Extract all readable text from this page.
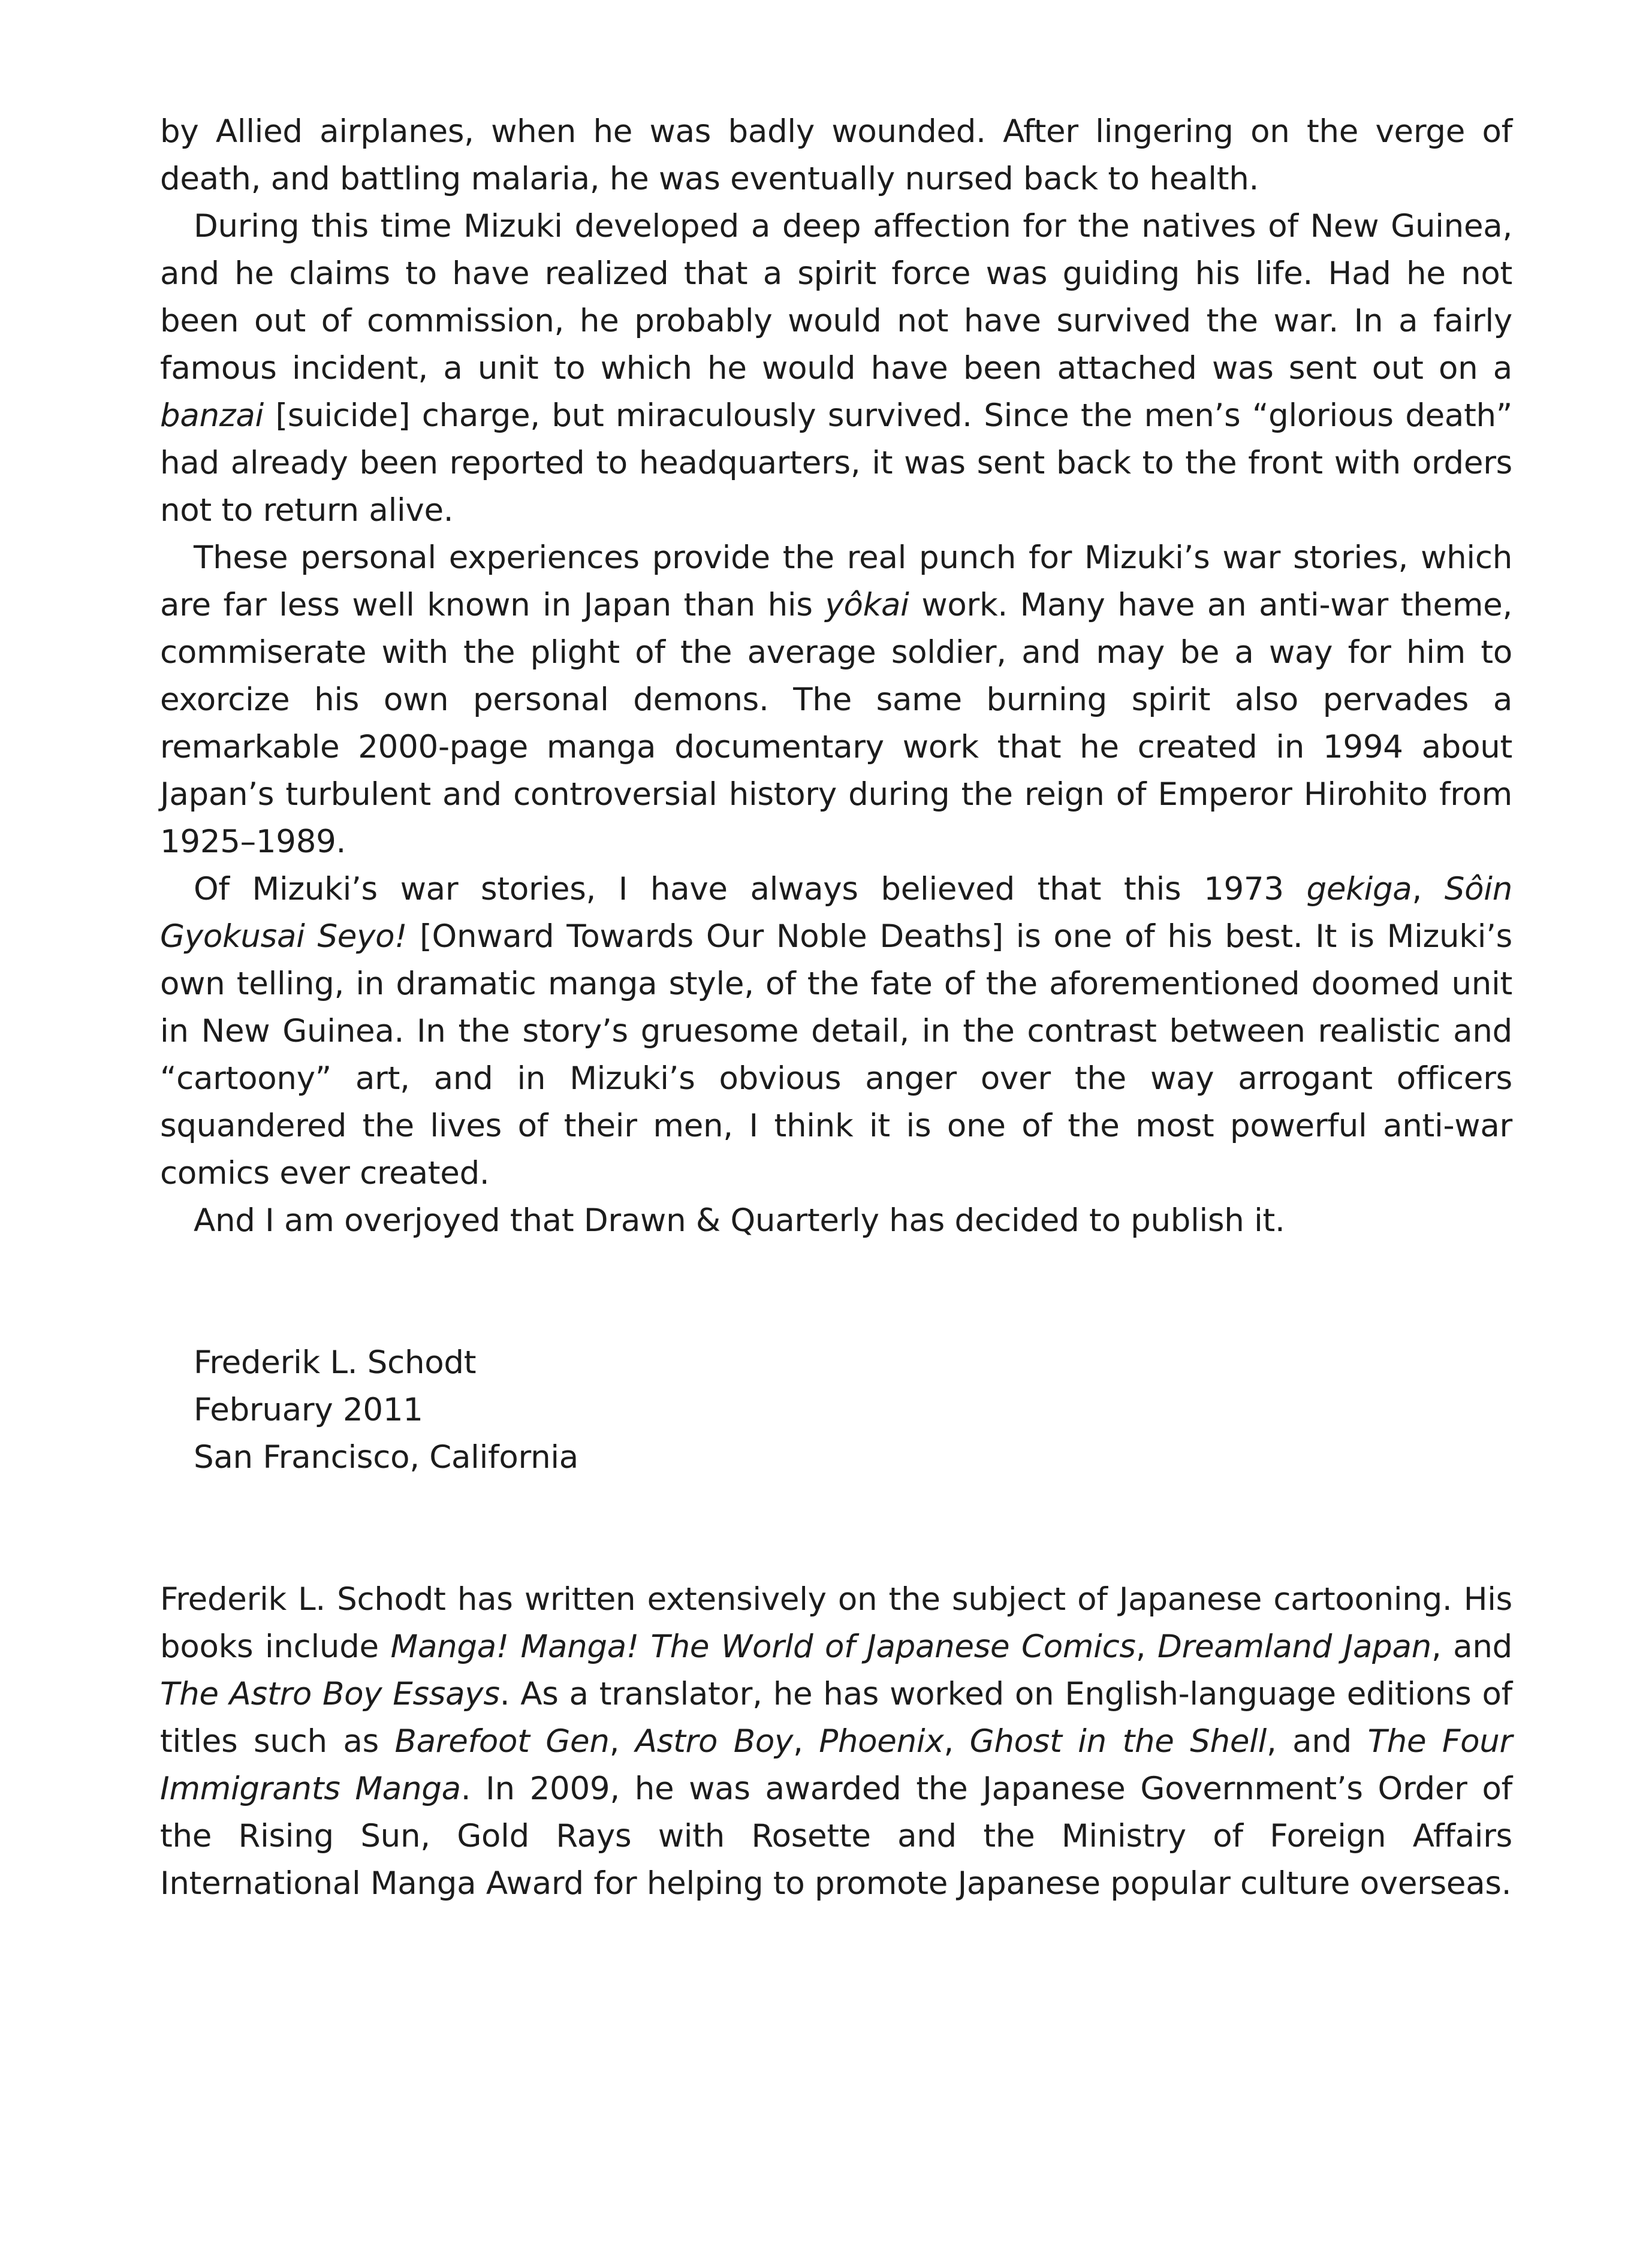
by Allied airplanes, when he was badly wounded. After lingering on the verge of death, and battling malaria, he was eventually nursed back to health.

During this time Mizuki developed a deep affection for the natives of New Guinea, and he claims to have realized that a spirit force was guiding his life. Had he not been out of commission, he probably would not have survived the war. In a fairly famous incident, a unit to which he would have been attached was sent out on a banzai [suicide] charge, but miraculously survived. Since the men’s “glorious death” had already been reported to headquarters, it was sent back to the front with orders not to return alive.

These personal experiences provide the real punch for Mizuki’s war stories, which are far less well known in Japan than his yôkai work. Many have an anti-war theme, commiserate with the plight of the average soldier, and may be a way for him to exorcize his own personal demons. The same burning spirit also pervades a remarkable 2000-page manga documentary work that he created in 1994 about Japan’s turbulent and controversial history during the reign of Emperor Hirohito from 1925–1989.

Of Mizuki’s war stories, I have always believed that this 1973 gekiga, Sôin Gyokusai Seyo! [Onward Towards Our Noble Deaths] is one of his best. It is Mizuki’s own telling, in dramatic manga style, of the fate of the aforementioned doomed unit in New Guinea. In the story’s gruesome detail, in the contrast between realistic and “cartoony” art, and in Mizuki’s obvious anger over the way arrogant officers squandered the lives of their men, I think it is one of the most powerful anti-war comics ever created.

And I am overjoyed that Drawn & Quarterly has decided to publish it.

Frederik L. Schodt
February 2011
San Francisco, California

Frederik L. Schodt has written extensively on the subject of Japanese cartooning. His books include Manga! Manga! The World of Japanese Comics, Dreamland Japan, and The Astro Boy Essays. As a translator, he has worked on English-language editions of titles such as Barefoot Gen, Astro Boy, Phoenix, Ghost in the Shell, and The Four Immigrants Manga. In 2009, he was awarded the Japanese Government’s Order of the Rising Sun, Gold Rays with Rosette and the Ministry of Foreign Affairs International Manga Award for helping to promote Japanese popular culture overseas.
